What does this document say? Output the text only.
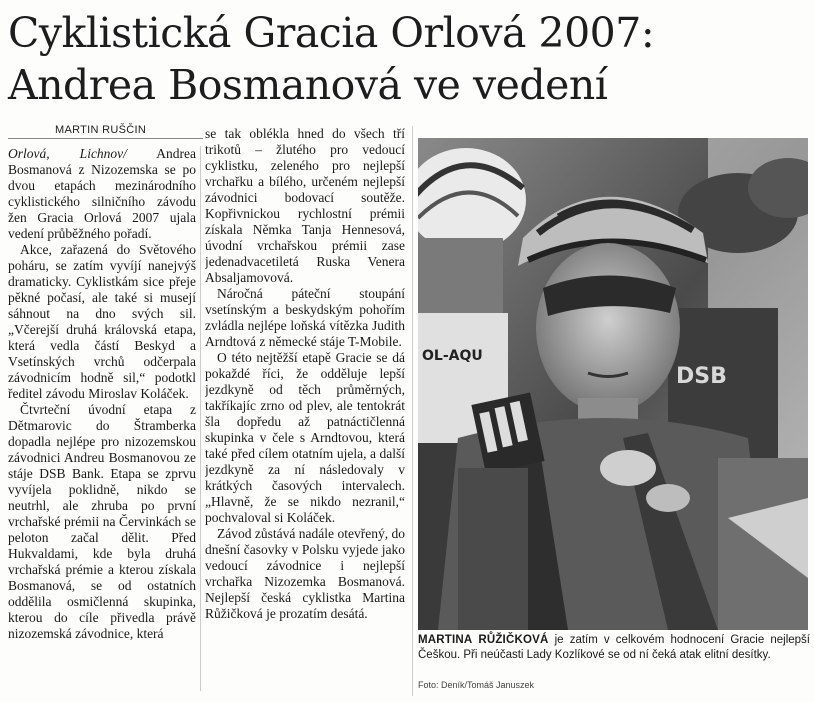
Cyklistická Gracia Orlová 2007:
Andrea Bosmanová ve vedení
MARTIN RUŠČIN

Orlová, Lichnov/ Andrea Bosmanová z Nizozemska se po dvou etapách mezinárodního cyklistického silničního závodu žen Gracia Orlová 2007 ujala vedení průběžného pořadí.

Akce, zařazená do Světového poháru, se zatím vyvíjí nanejvýš dramaticky. Cyklistkám sice přeje pěkné počasí, ale také si musejí sáhnout na dno svých sil. „Včerejší druhá královská etapa, která vedla částí Beskyd a Vsetínských vrchů odčerpala závodnicím hodně sil,“ podotkl ředitel závodu Miroslav Koláček.

Čtvrteční úvodní etapa z Dětmarovic do Štramberka dopadla nejlépe pro nizozemskou závodnici Andreu Bosmanovou ze stáje DSB Bank. Etapa se zprvu vyvíjela poklidně, nikdo se neutrhl, ale zhruba po první vrchařské prémii na Červinkách se peloton začal dělit. Před Hukvaldami, kde byla druhá vrchařská prémie a kterou získala Bosmanová, se od ostatních oddělila osmičlenná skupinka, kterou do cíle přivedla právě nizozemská závodnice, která

se tak oblékla hned do všech tří trikotů – žlutého pro vedoucí cyklistku, zeleného pro nejlepší vrchařku a bílého, určeném nejlepší závodnici bodovací soutěže. Kopřivnickou rychlostní prémii získala Němka Tanja Hennesová, úvodní vrchařskou prémii zase jedenadvacetiletá Ruska Venera Absaljamovová.

Náročná páteční stoupání vsetínským a beskydským pohořím zvládla nejlépe loňská vítězka Judith Arndtová z německé stáje T-Mobile.

O této nejtěžší etapě Gracie se dá pokaždé říci, že odděluje lepší jezdkyně od těch průměrných, takříkajíc zrno od plev, ale tentokrát šla dopředu až patnáctičlenná skupinka v čele s Arndtovou, která také před cílem otatním ujela, a další jezdkyně za ní následovaly v krátkých časových intervalech. „Hlavně, že se nikdo nezranil,“ pochvaloval si Koláček.

Závod zůstává nadále otevřený, do dnešní časovky v Polsku vyjede jako vedoucí závodnice i nejlepší vrchařka Nizozemka Bosmanová. Nejlepší česká cyklistka Martina Růžičková je prozatím desátá.

OL-AQU
DSB
MARTINA RŮŽIČKOVÁ je zatím v celkovém hodnocení Gracie nejlepší Češkou. Při neúčasti Lady Kozlíkové se od ní čeká atak elitní desítky.
Foto: Deník/Tomáš Januszek
